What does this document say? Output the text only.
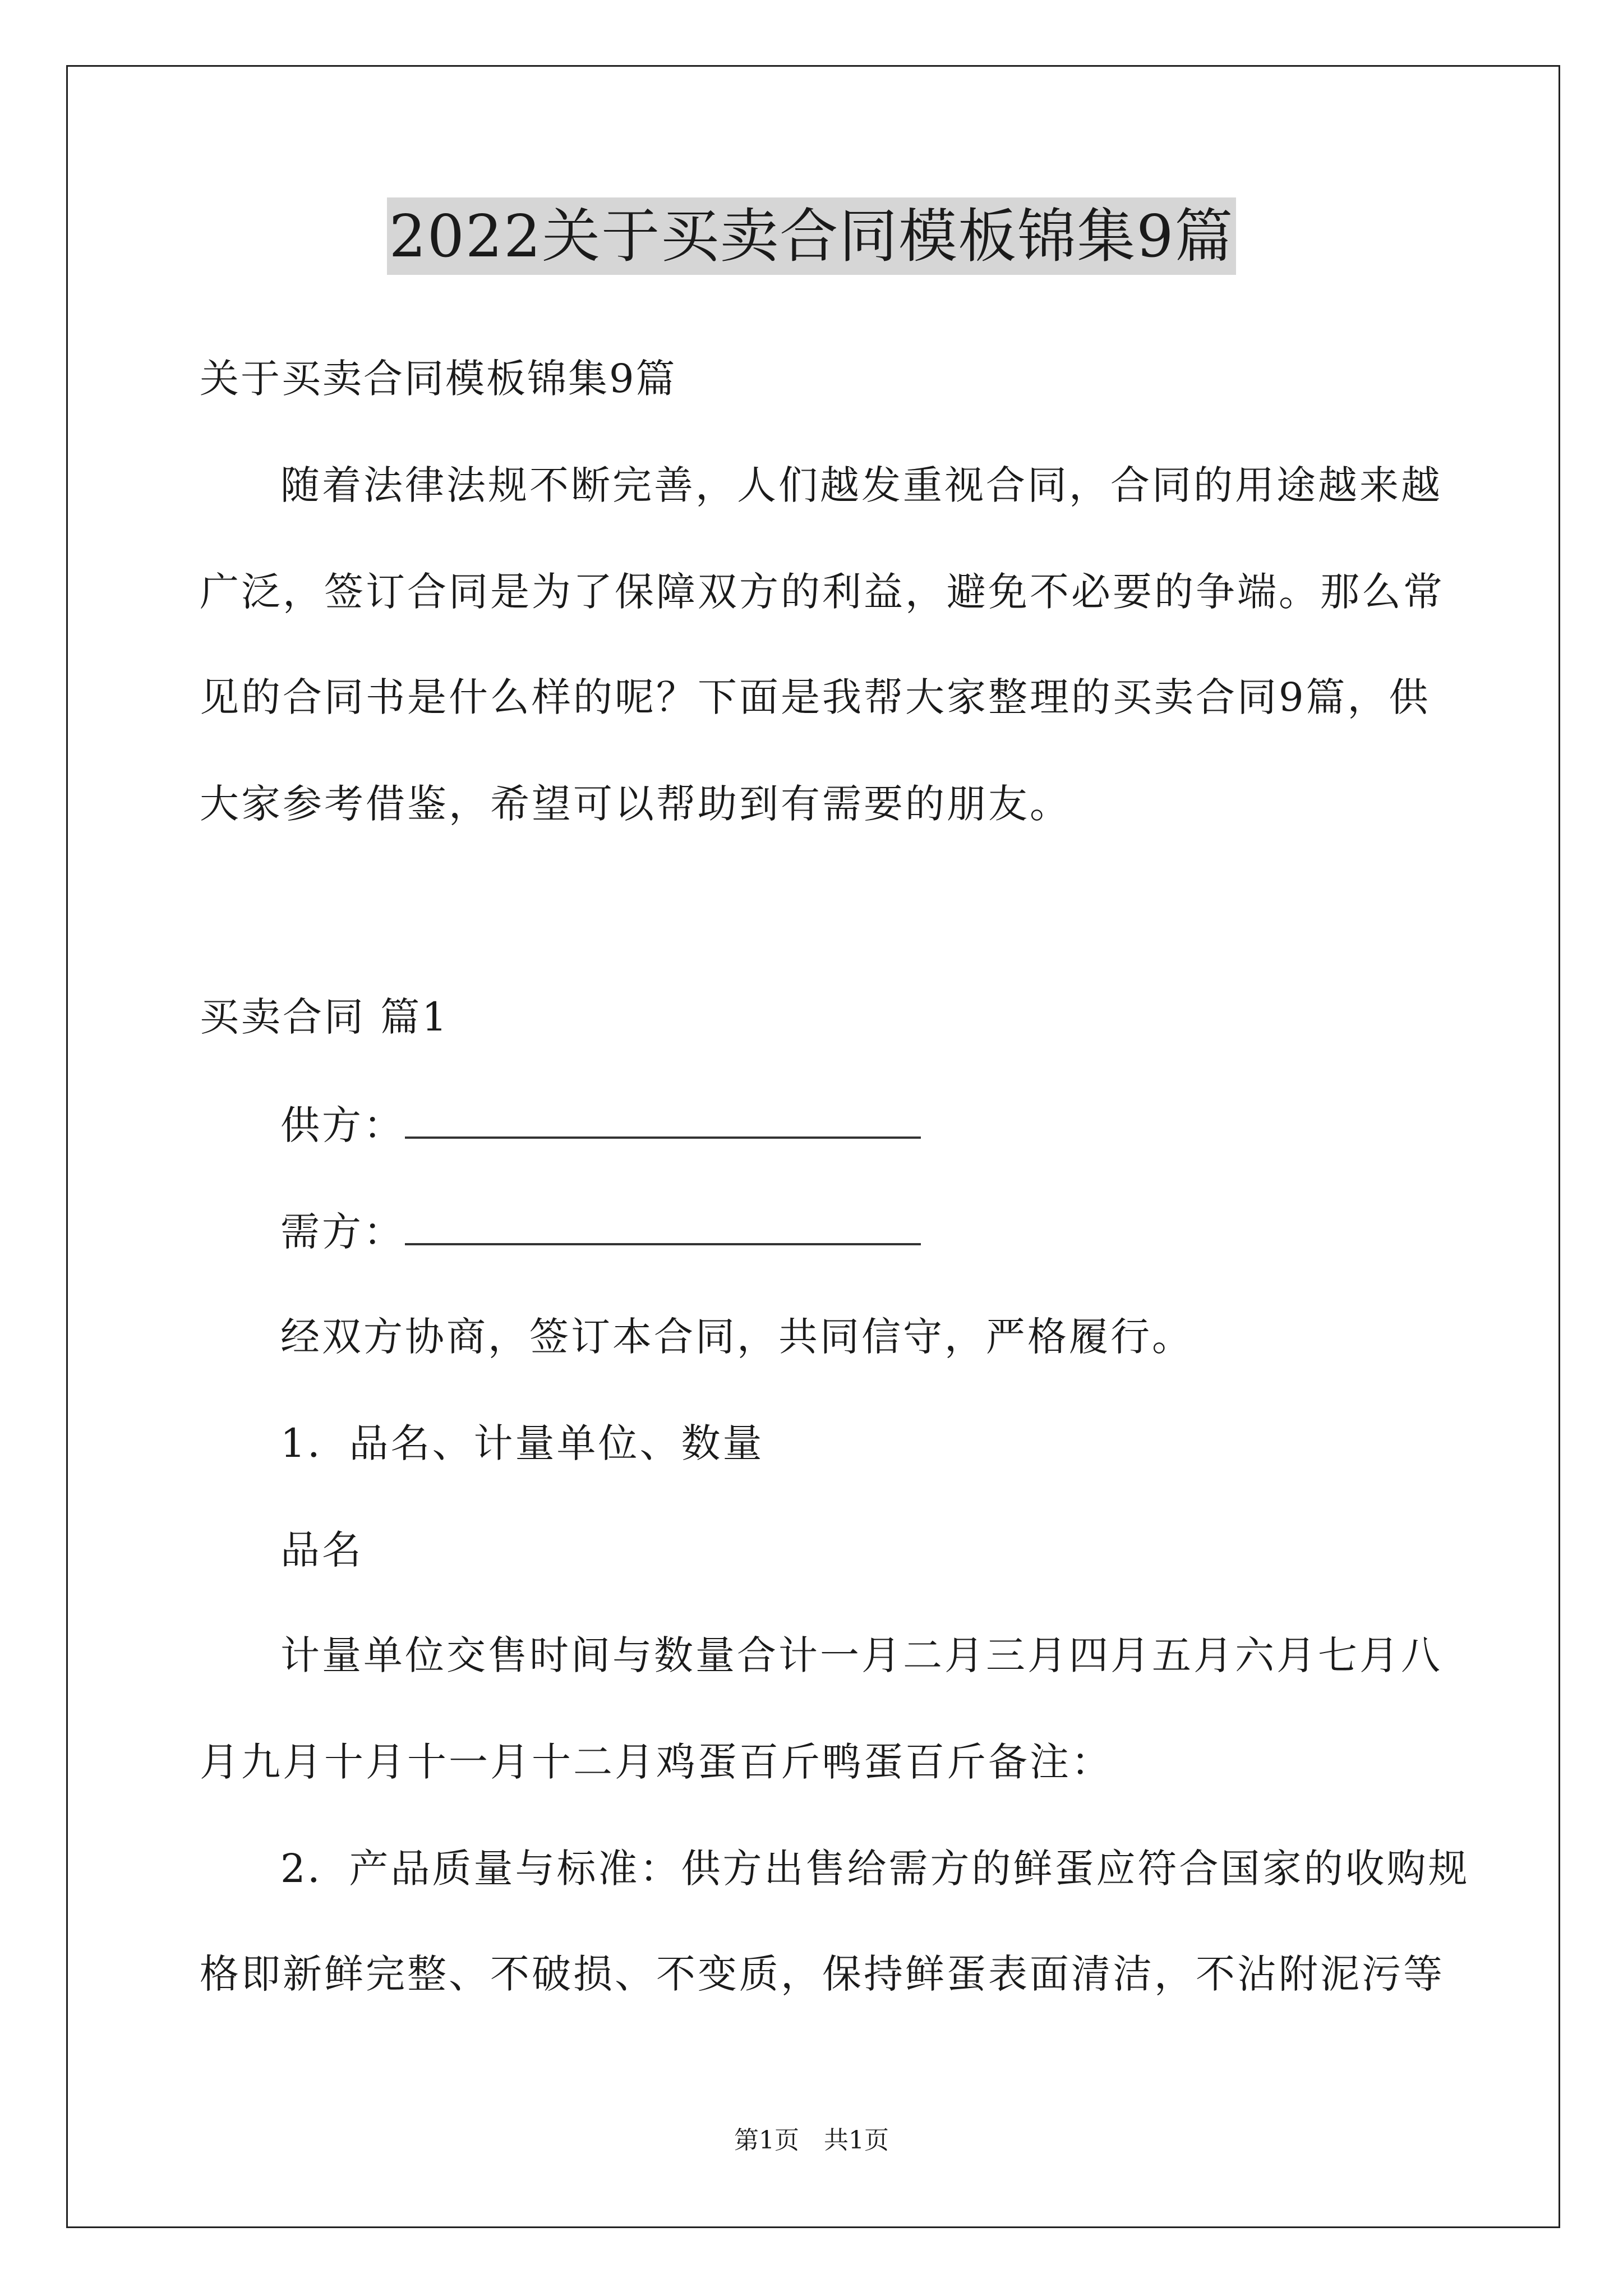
2022关于买卖合同模板锦集9篇
关于买卖合同模板锦集9篇
随着法律法规不断完善，人们越发重视合同，合同的用途越来越
广泛，签订合同是为了保障双方的利益，避免不必要的争端。那么常
见的合同书是什么样的呢？下面是我帮大家整理的买卖合同9篇，供
大家参考借鉴，希望可以帮助到有需要的朋友。
买卖合同 篇1
供方：
需方：
经双方协商，签订本合同，共同信守，严格履行。
1．品名、计量单位、数量
品名
计量单位交售时间与数量合计一月二月三月四月五月六月七月八
月九月十月十一月十二月鸡蛋百斤鸭蛋百斤备注：
2．产品质量与标准：供方出售给需方的鲜蛋应符合国家的收购规
格即新鲜完整、不破损、不变质，保持鲜蛋表面清洁，不沾附泥污等
第1页　共1页
